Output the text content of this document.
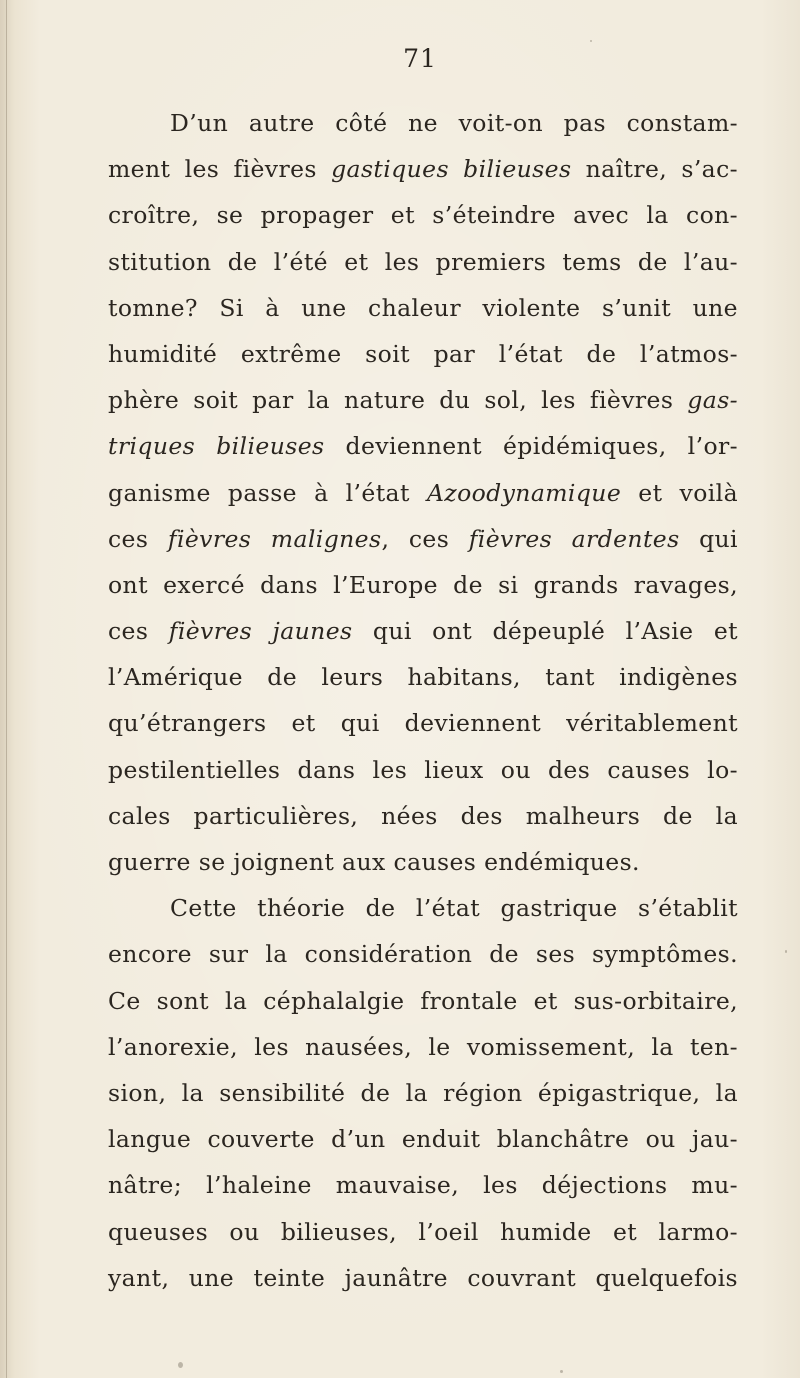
71
D’un autre côté ne voit-on pas constam-
ment les fièvres gastiques bilieuses naître, s’ac-
croître, se propager et s’éteindre avec la con-
stitution de l’été et les premiers tems de l’au-
tomne? Si à une chaleur violente s’unit une
humidité extrême soit par l’état de l’atmos-
phère soit par la nature du sol, les fièvres gas-
triques bilieuses deviennent épidémiques, l’or-
ganisme passe à l’état Azoodynamique et voilà
ces fièvres malignes, ces fièvres ardentes qui
ont exercé dans l’Europe de si grands ravages,
ces fièvres jaunes qui ont dépeuplé l’Asie et
l’Amérique de leurs habitans, tant indigènes
qu’étrangers et qui deviennent véritablement
pestilentielles dans les lieux ou des causes lo-
cales particulières, nées des malheurs de la
guerre se joignent aux causes endémiques.
Cette théorie de l’état gastrique s’établit
encore sur la considération de ses symptômes.
Ce sont la céphalalgie frontale et sus-orbitaire,
l’anorexie, les nausées, le vomissement, la ten-
sion, la sensibilité de la région épigastrique, la
langue couverte d’un enduit blanchâtre ou jau-
nâtre; l’haleine mauvaise, les déjections mu-
queuses ou bilieuses, l’oeil humide et larmo-
yant, une teinte jaunâtre couvrant quelquefois
